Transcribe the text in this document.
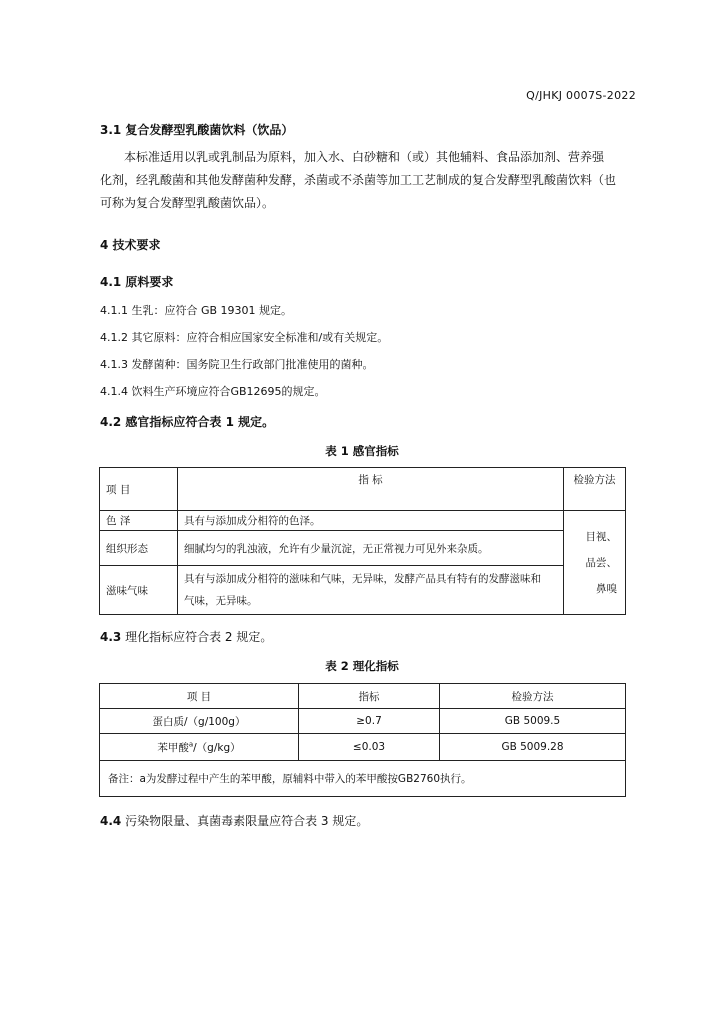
Q/JHKJ 0007S-2022
3.1 复合发酵型乳酸菌饮料（饮品）
本标准适用以乳或乳制品为原料，加入水、白砂糖和（或）其他辅料、食品添加剂、营养强
化剂，经乳酸菌和其他发酵菌种发酵，杀菌或不杀菌等加工工艺制成的复合发酵型乳酸菌饮料（也
可称为复合发酵型乳酸菌饮品）。
4 技术要求
4.1 原料要求
4.1.1 生乳：应符合 GB 19301 规定。
4.1.2 其它原料：应符合相应国家安全标准和/或有关规定。
4.1.3 发酵菌种：国务院卫生行政部门批准使用的菌种。
4.1.4 饮料生产环境应符合GB12695的规定。
4.2 感官指标应符合表 1 规定。
表 1 感官指标
项 目	指 标	检验方法
色 泽	具有与添加成分相符的色泽。	目视、
品尝、
鼻嗅

组织形态	细腻均匀的乳浊液，允许有少量沉淀，无正常视力可见外来杂质。	
滋味气味	具有与添加成分相符的滋味和气味，无异味，发酵产品具有特有的发酵滋味和
气味，无异味。	
4.3 理化指标应符合表 2 规定。
表 2 理化指标
项 目	指标	检验方法
蛋白质/（g/100g）	≥0.7	GB 5009.5
苯甲酸$^a$/（g/kg）	≤0.03	GB 5009.28
备注：a为发酵过程中产生的苯甲酸，原辅料中带入的苯甲酸按GB2760执行。		
4.4 污染物限量、真菌毒素限量应符合表 3 规定。
